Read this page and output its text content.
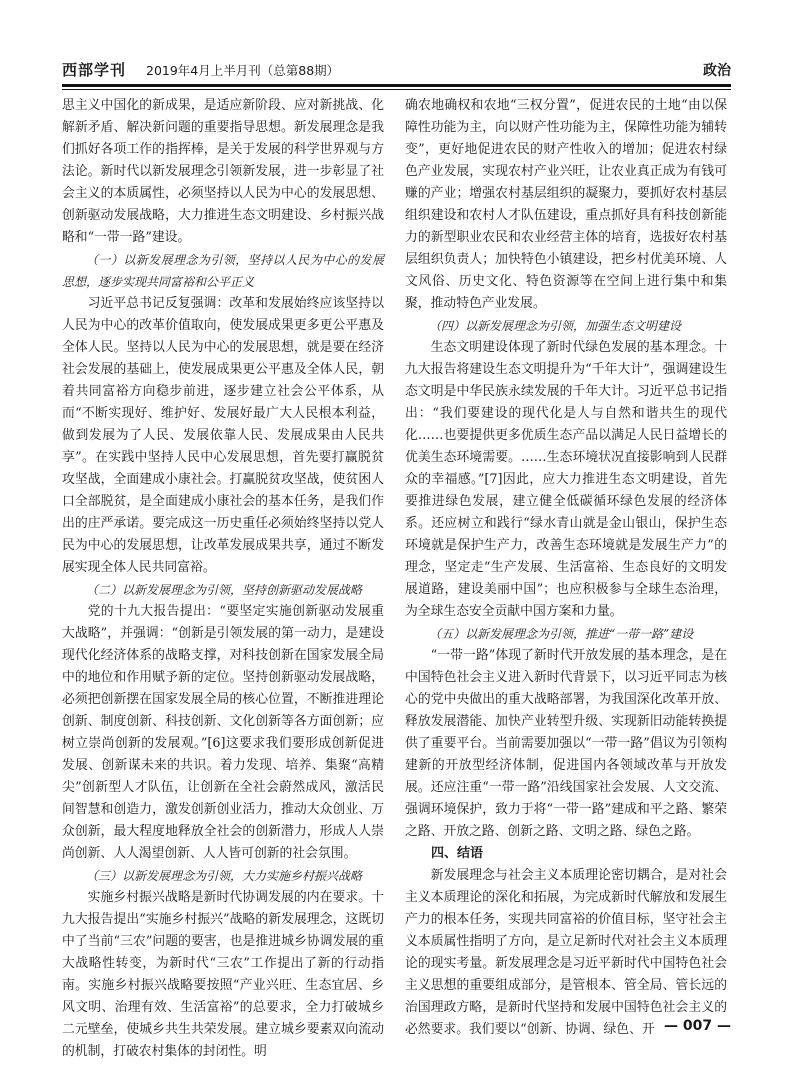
西部学刊 2019年4月上半月刊（总第88期）	政治

思主义中国化的新成果，是适应新阶段、应对新挑战、化解新矛盾、解决新问题的重要指导思想。新发展理念是我们抓好各项工作的指挥棒，是关于发展的科学世界观与方法论。新时代以新发展理念引领新发展，进一步彰显了社会主义的本质属性，必须坚持以人民为中心的发展思想、创新驱动发展战略，大力推进生态文明建设、乡村振兴战略和“一带一路”建设。

（一）以新发展理念为引领，坚持以人民为中心的发展思想，逐步实现共同富裕和公平正义

习近平总书记反复强调：改革和发展始终应该坚持以人民为中心的改革价值取向，使发展成果更多更公平惠及全体人民。坚持以人民为中心的发展思想，就是要在经济社会发展的基础上，使发展成果更公平惠及全体人民，朝着共同富裕方向稳步前进，逐步建立社会公平体系，从而“不断实现好、维护好、发展好最广大人民根本利益，做到发展为了人民、发展依靠人民、发展成果由人民共享”。在实践中坚持人民中心发展思想，首先要打赢脱贫攻坚战，全面建成小康社会。打赢脱贫攻坚战，使贫困人口全部脱贫，是全面建成小康社会的基本任务，是我们作出的庄严承诺。要完成这一历史重任必须始终坚持以党人民为中心的发展思想，让改革发展成果共享，通过不断发展实现全体人民共同富裕。

（二）以新发展理念为引领，坚持创新驱动发展战略

党的十九大报告提出：“要坚定实施创新驱动发展重大战略”，并强调：“创新是引领发展的第一动力，是建设现代化经济体系的战略支撑，对科技创新在国家发展全局中的地位和作用赋予新的定位。坚持创新驱动发展战略，必须把创新摆在国家发展全局的核心位置，不断推进理论创新、制度创新、科技创新、文化创新等各方面创新；应树立崇尚创新的发展观。”[6]这要求我们要形成创新促进发展、创新谋未来的共识。着力发现、培养、集聚“高精尖”创新型人才队伍，让创新在全社会蔚然成风，激活民间智慧和创造力，激发创新创业活力，推动大众创业、万众创新，最大程度地释放全社会的创新潜力，形成人人崇尚创新、人人渴望创新、人人皆可创新的社会氛围。

（三）以新发展理念为引领，大力实施乡村振兴战略

实施乡村振兴战略是新时代协调发展的内在要求。十九大报告提出“实施乡村振兴”战略的新发展理念，这既切中了当前“三农”问题的要害，也是推进城乡协调发展的重大战略性转变，为新时代“三农”工作提出了新的行动指南。实施乡村振兴战略要按照“产业兴旺、生态宜居、乡风文明、治理有效、生活富裕”的总要求，全力打破城乡二元壁垒，使城乡共生共荣发展。建立城乡要素双向流动的机制，打破农村集体的封闭性。明

确农地确权和农地“三权分置”，促进农民的土地“由以保障性功能为主，向以财产性功能为主，保障性功能为辅转变”，更好地促进农民的财产性收入的增加；促进农村绿色产业发展，实现农村产业兴旺，让农业真正成为有钱可赚的产业；增强农村基层组织的凝聚力，要抓好农村基层组织建设和农村人才队伍建设，重点抓好具有科技创新能力的新型职业农民和农业经营主体的培育，选拔好农村基层组织负责人；加快特色小镇建设，把乡村优美环境、人文风俗、历史文化、特色资源等在空间上进行集中和集聚，推动特色产业发展。

（四）以新发展理念为引领，加强生态文明建设

生态文明建设体现了新时代绿色发展的基本理念。十九大报告将建设生态文明提升为“千年大计”，强调建设生态文明是中华民族永续发展的千年大计。习近平总书记指出：“我们要建设的现代化是人与自然和谐共生的现代化……也要提供更多优质生态产品以满足人民日益增长的优美生态环境需要。……生态环境状况直接影响到人民群众的幸福感。”[7]因此，应大力推进生态文明建设，首先要推进绿色发展，建立健全低碳循环绿色发展的经济体系。还应树立和践行“绿水青山就是金山银山，保护生态环境就是保护生产力，改善生态环境就是发展生产力”的理念，坚定走“生产发展、生活富裕、生态良好的文明发展道路，建设美丽中国”；也应积极参与全球生态治理，为全球生态安全贡献中国方案和力量。

（五）以新发展理念为引领，推进“一带一路”建设

“一带一路”体现了新时代开放发展的基本理念，是在中国特色社会主义进入新时代背景下，以习近平同志为核心的党中央做出的重大战略部署，为我国深化改革开放、释放发展潜能、加快产业转型升级、实现新旧动能转换提供了重要平台。当前需要加强以“一带一路”倡议为引领构建新的开放型经济体制，促进国内各领域改革与开放发展。还应注重“一带一路”沿线国家社会发展、人文交流、强调环境保护，致力于将“一带一路”建成和平之路、繁荣之路、开放之路、创新之路、文明之路、绿色之路。

四、结语

新发展理念与社会主义本质理论密切耦合，是对社会主义本质理论的深化和拓展，为完成新时代解放和发展生产力的根本任务，实现共同富裕的价值目标，坚守社会主义本质属性指明了方向，是立足新时代对社会主义本质理论的现实考量。新发展理念是习近平新时代中国特色社会主义思想的重要组成部分，是管根本、管全局、管长远的治国理政方略，是新时代坚持和发展中国特色社会主义的必然要求。我们要以“创新、协调、绿色、开 — 007 —
